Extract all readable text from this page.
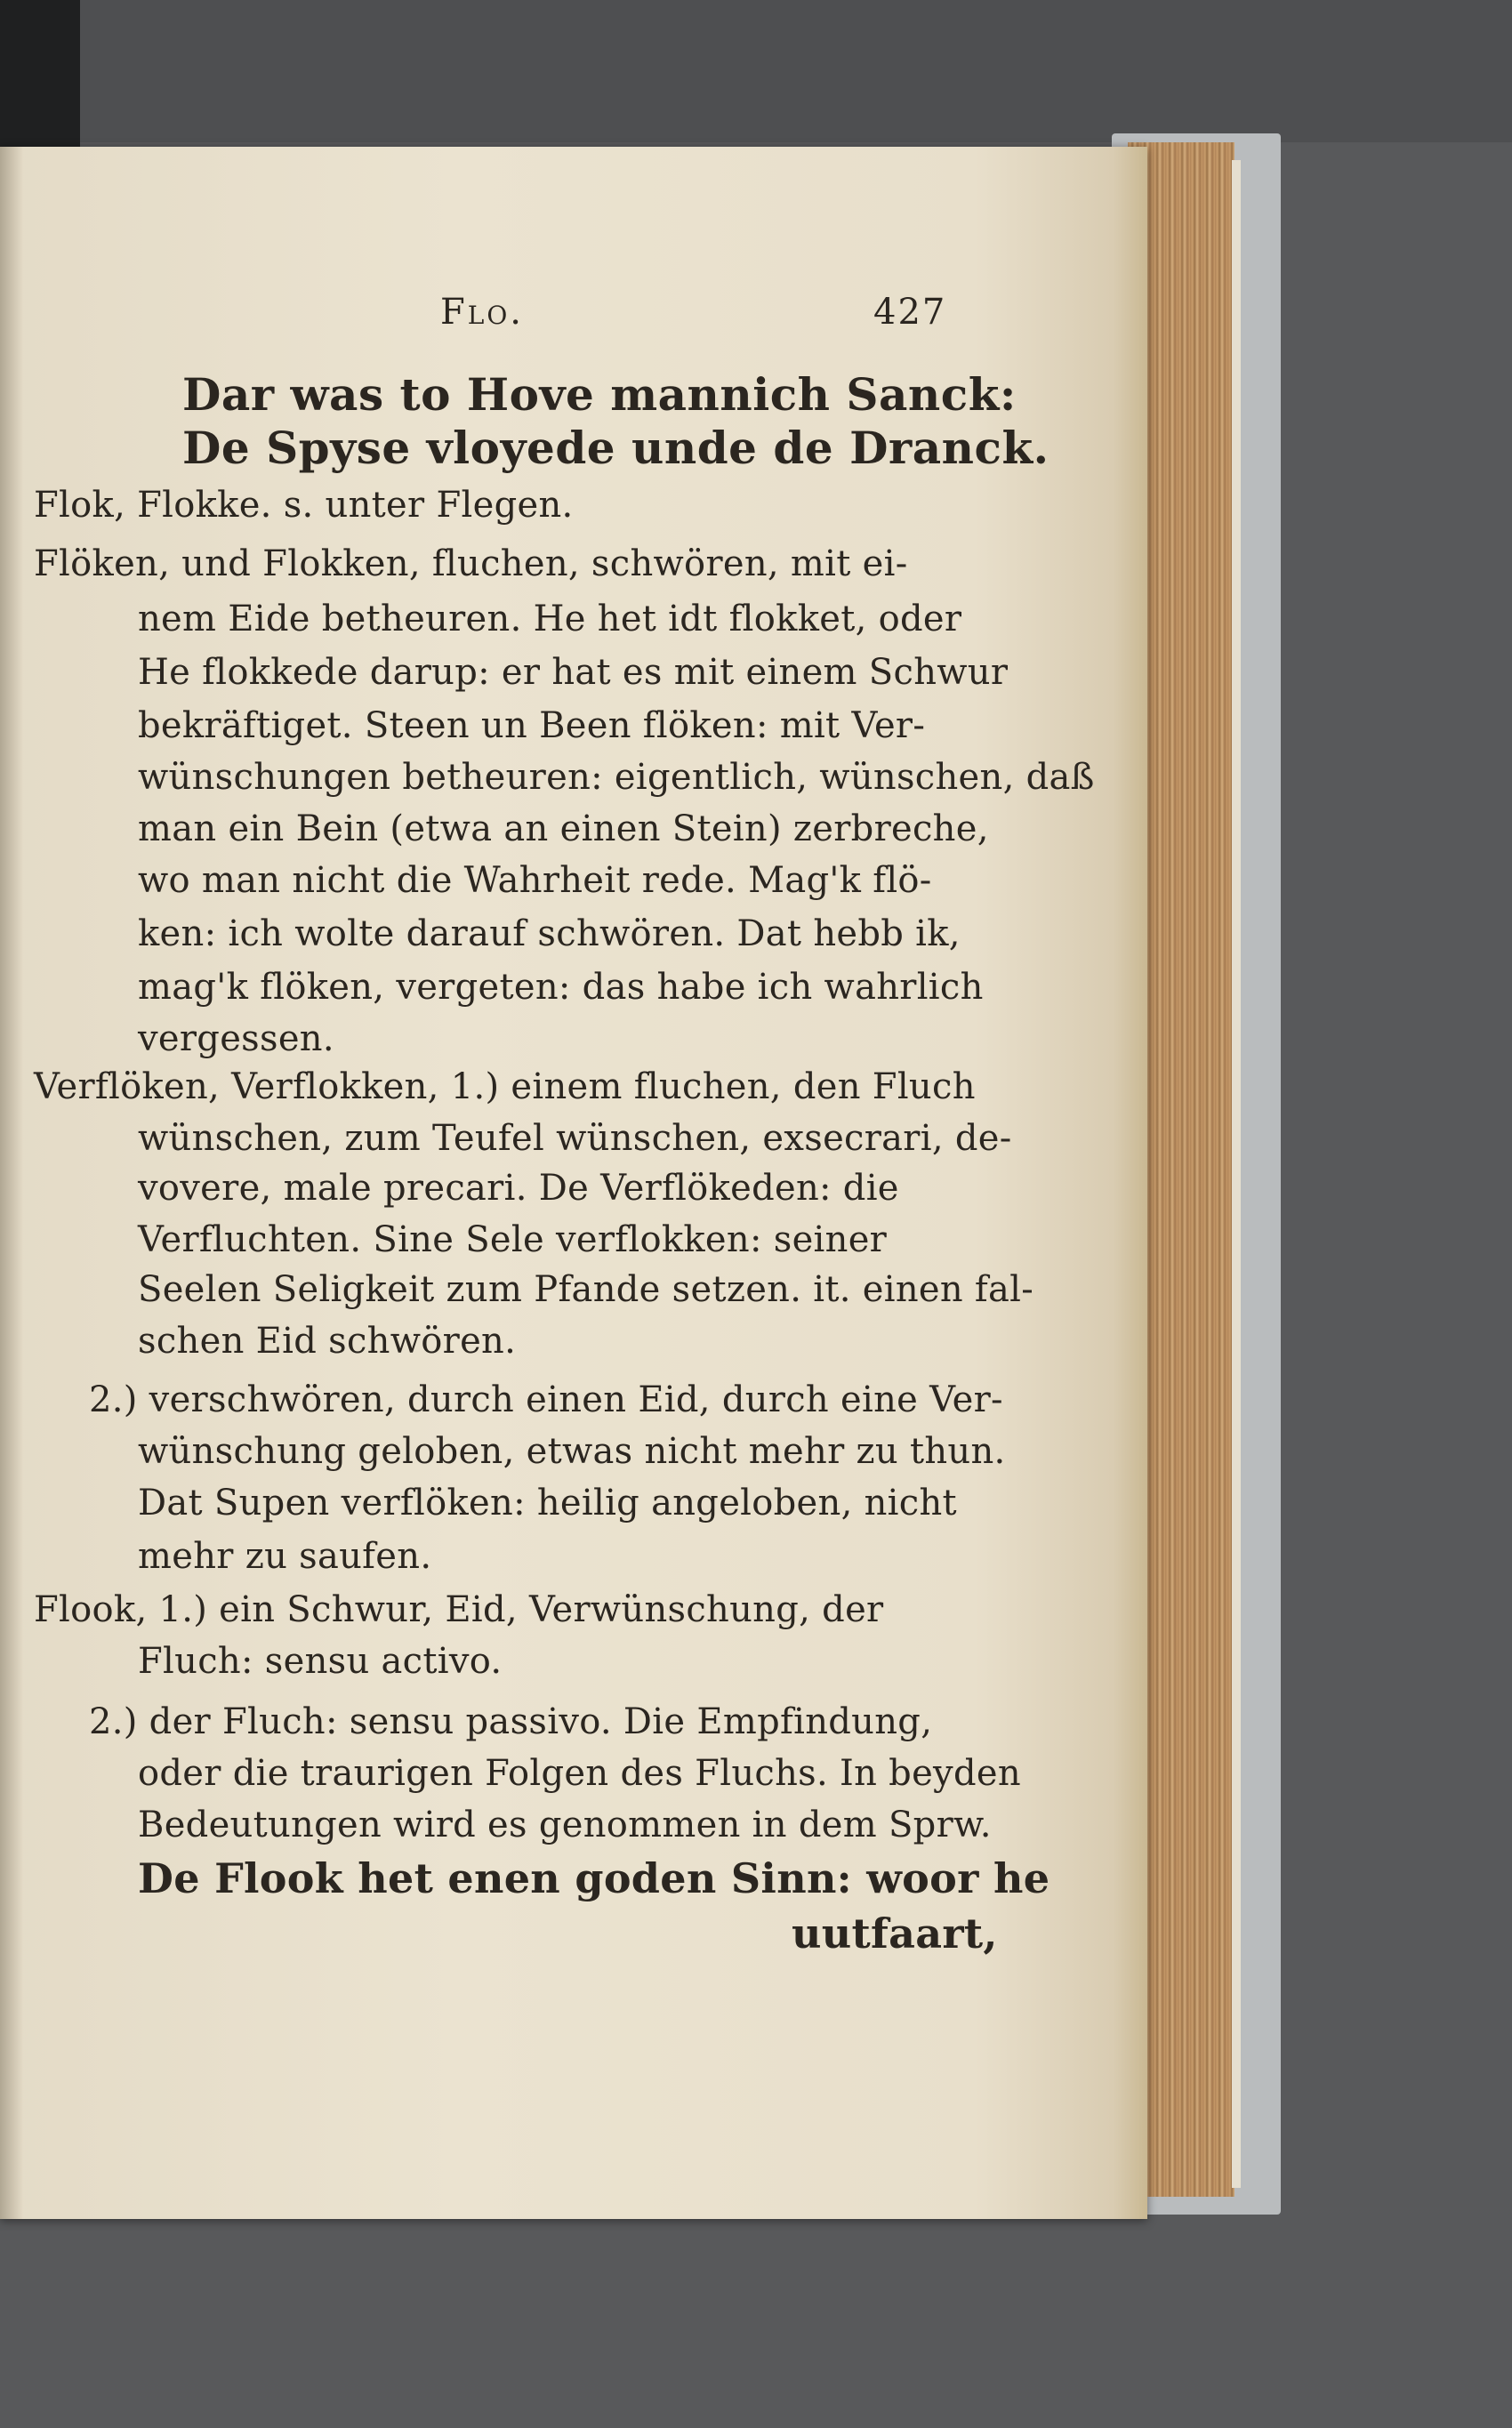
Flo.	427
Dar was to Hove mannich Sanck:
De Spyse vloyede unde de Dranck.
Flok, Flokke. s. unter Flegen.
Flöken, und Flokken, fluchen, schwören, mit ei-
nem Eide betheuren. He het idt flokket, oder
He flokkede darup: er hat es mit einem Schwur
bekräftiget. Steen un Been flöken: mit Ver-
wünschungen betheuren: eigentlich, wünschen, daß
man ein Bein (etwa an einen Stein) zerbreche,
wo man nicht die Wahrheit rede. Mag'k flö-
ken: ich wolte darauf schwören. Dat hebb ik,
mag'k flöken, vergeten: das habe ich wahrlich
vergessen.
Verflöken, Verflokken, 1.) einem fluchen, den Fluch
wünschen, zum Teufel wünschen, exsecrari, de-
vovere, male precari. De Verflökeden: die
Verfluchten. Sine Sele verflokken: seiner
Seelen Seligkeit zum Pfande setzen. it. einen fal-
schen Eid schwören.
2.) verschwören, durch einen Eid, durch eine Ver-
wünschung geloben, etwas nicht mehr zu thun.
Dat Supen verflöken: heilig angeloben, nicht
mehr zu saufen.
Flook, 1.) ein Schwur, Eid, Verwünschung, der
Fluch: sensu activo.
2.) der Fluch: sensu passivo. Die Empfindung,
oder die traurigen Folgen des Fluchs. In beyden
Bedeutungen wird es genommen in dem Sprw.
De Flook het enen goden Sinn: woor he
uutfaart,
